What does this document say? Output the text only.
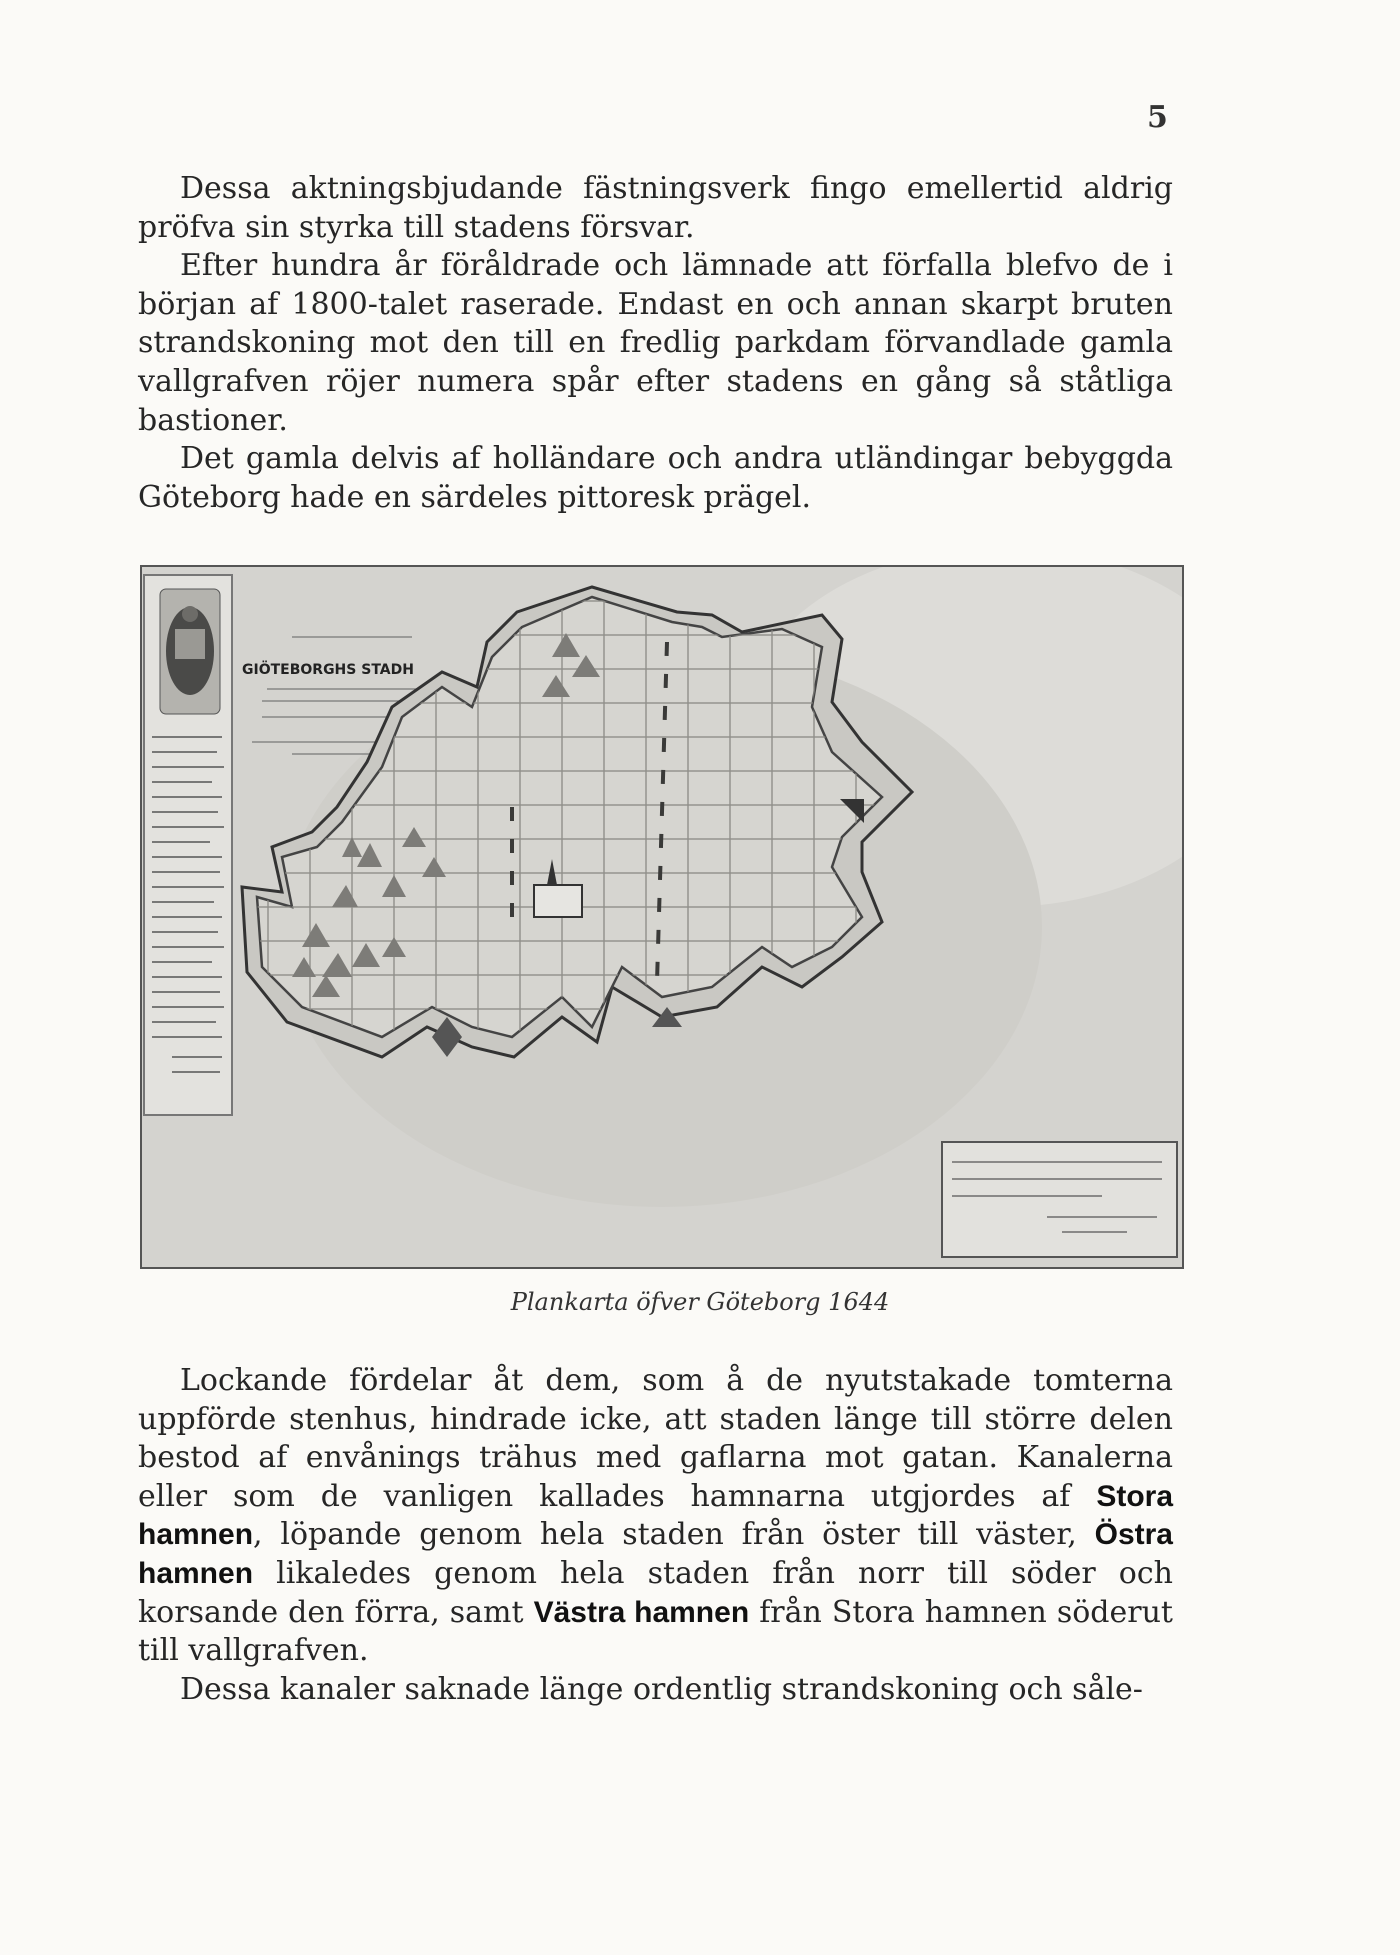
5

Dessa aktningsbjudande fästningsverk fingo emellertid aldrig pröfva sin styrka till stadens försvar.

Efter hundra år föråldrade och lämnade att förfalla blefvo de i början af 1800-talet raserade. Endast en och annan skarpt bruten strandskoning mot den till en fredlig parkdam förvandlade gamla vallgrafven röjer numera spår efter stadens en gång så ståtliga bastioner.

Det gamla delvis af holländare och andra utländingar bebyggda Göteborg hade en särdeles pittoresk prägel.

GIÖTEBORGHS STADH
Plankarta öfver Göteborg 1644

Lockande fördelar åt dem, som å de nyutstakade tomterna uppförde stenhus, hindrade icke, att staden länge till större delen bestod af envånings trähus med gaflarna mot gatan. Kanalerna eller som de vanligen kallades hamnarna utgjordes af Stora hamnen, löpande genom hela staden från öster till väster, Östra hamnen likaledes genom hela staden från norr till söder och korsande den förra, samt Västra hamnen från Stora hamnen söderut till vallgrafven.

Dessa kanaler saknade länge ordentlig strandskoning och såle-
